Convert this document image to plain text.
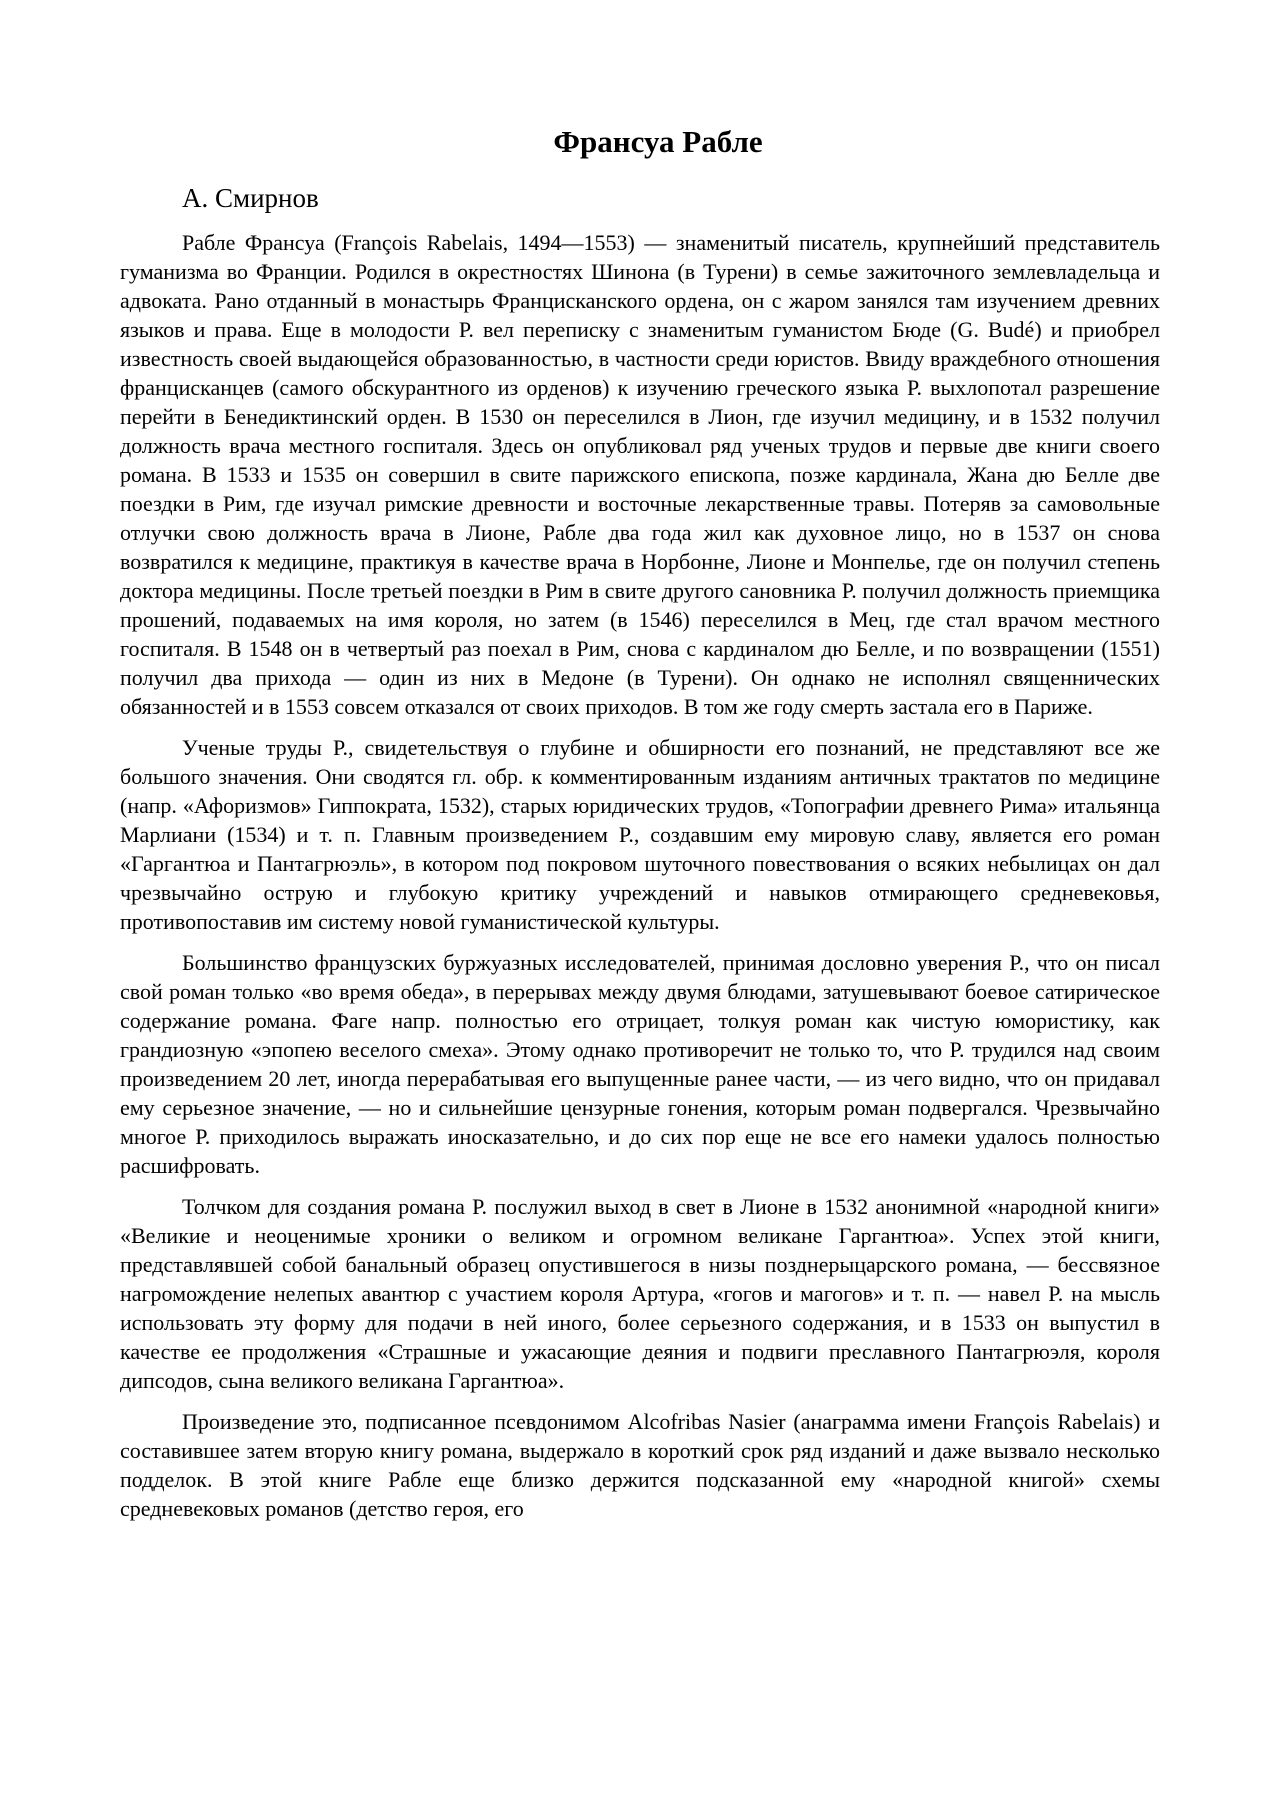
Франсуа Рабле
А. Смирнов

Рабле Франсуа (François Rabelais, 1494—1553) — знаменитый писатель, крупнейший представитель гуманизма во Франции. Родился в окрестностях Шинона (в Турени) в семье зажиточного землевладельца и адвоката. Рано отданный в монастырь Францисканского ордена, он с жаром занялся там изучением древних языков и права. Еще в молодости Р. вел переписку с знаменитым гуманистом Бюде (G. Budé) и приобрел известность своей выдающейся образованностью, в частности среди юристов. Ввиду враждебного отношения францисканцев (самого обскурантного из орденов) к изучению греческого языка Р. выхлопотал разрешение перейти в Бенедиктинский орден. В 1530 он переселился в Лион, где изучил медицину, и в 1532 получил должность врача местного госпиталя. Здесь он опубликовал ряд ученых трудов и первые две книги своего романа. В 1533 и 1535 он совершил в свите парижского епископа, позже кардинала, Жана дю Белле две поездки в Рим, где изучал римские древности и восточные лекарственные травы. Потеряв за самовольные отлучки свою должность врача в Лионе, Рабле два года жил как духовное лицо, но в 1537 он снова возвратился к медицине, практикуя в качестве врача в Норбонне, Лионе и Монпелье, где он получил степень доктора медицины. После третьей поездки в Рим в свите другого сановника Р. получил должность приемщика прошений, подаваемых на имя короля, но затем (в 1546) переселился в Мец, где стал врачом местного госпиталя. В 1548 он в четвертый раз поехал в Рим, снова с кардиналом дю Белле, и по возвращении (1551) получил два прихода — один из них в Медоне (в Турени). Он однако не исполнял священнических обязанностей и в 1553 совсем отказался от своих приходов. В том же году смерть застала его в Париже.

Ученые труды Р., свидетельствуя о глубине и обширности его познаний, не представляют все же большого значения. Они сводятся гл. обр. к комментированным изданиям античных трактатов по медицине (напр. «Афоризмов» Гиппократа, 1532), старых юридических трудов, «Топографии древнего Рима» итальянца Марлиани (1534) и т. п. Главным произведением Р., создавшим ему мировую славу, является его роман «Гаргантюа и Пантагрюэль», в котором под покровом шуточного повествования о всяких небылицах он дал чрезвычайно острую и глубокую критику учреждений и навыков отмирающего средневековья, противопоставив им систему новой гуманистической культуры.

Большинство французских буржуазных исследователей, принимая дословно уверения Р., что он писал свой роман только «во время обеда», в перерывах между двумя блюдами, затушевывают боевое сатирическое содержание романа. Фаге напр. полностью его отрицает, толкуя роман как чистую юмористику, как грандиозную «эпопею веселого смеха». Этому однако противоречит не только то, что Р. трудился над своим произведением 20 лет, иногда перерабатывая его выпущенные ранее части, — из чего видно, что он придавал ему серьезное значение, — но и сильнейшие цензурные гонения, которым роман подвергался. Чрезвычайно многое Р. приходилось выражать иносказательно, и до сих пор еще не все его намеки удалось полностью расшифровать.

Толчком для создания романа Р. послужил выход в свет в Лионе в 1532 анонимной «народной книги» «Великие и неоценимые хроники о великом и огромном великане Гаргантюа». Успех этой книги, представлявшей собой банальный образец опустившегося в низы позднерыцарского романа, — бессвязное нагромождение нелепых авантюр с участием короля Артура, «гогов и магогов» и т. п. — навел Р. на мысль использовать эту форму для подачи в ней иного, более серьезного содержания, и в 1533 он выпустил в качестве ее продолжения «Страшные и ужасающие деяния и подвиги преславного Пантагрюэля, короля дипсодов, сына великого великана Гаргантюа».

Произведение это, подписанное псевдонимом Alcofribas Nasier (анаграмма имени François Rabelais) и составившее затем вторую книгу романа, выдержало в короткий срок ряд изданий и даже вызвало несколько подделок. В этой книге Рабле еще близко держится подсказанной ему «народной книгой» схемы средневековых романов (детство героя, его
